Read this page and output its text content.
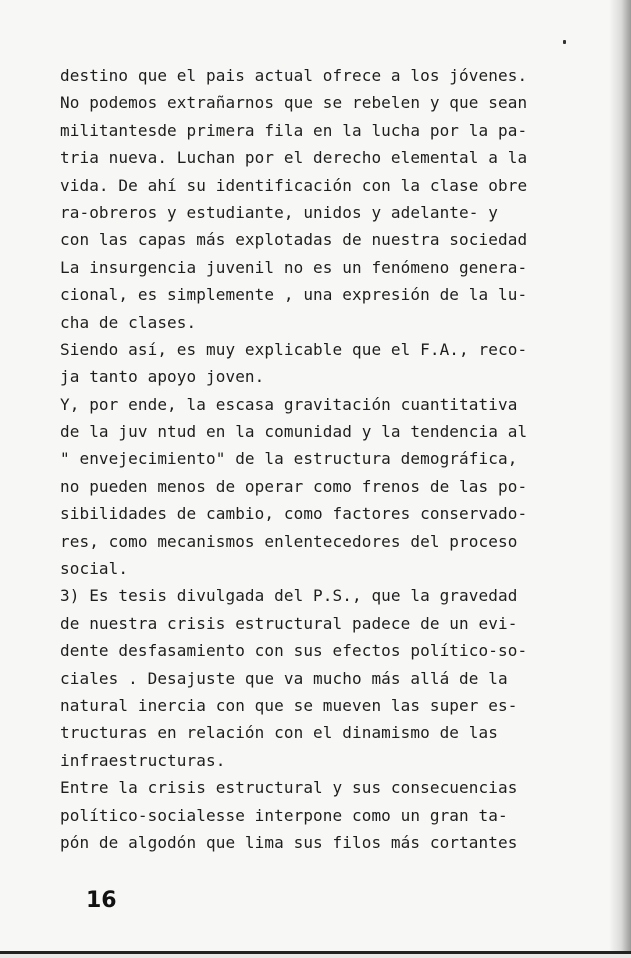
destino que el pais actual ofrece a los jóvenes.
No podemos extrañarnos que se rebelen y que sean
militantesde primera fila en la lucha por la pa-
tria nueva. Luchan por el derecho elemental a la
vida. De ahí su identificación con la clase obre
ra-obreros y estudiante, unidos y adelante- y
con las capas más explotadas de nuestra sociedad
La insurgencia juvenil no es un fenómeno genera-
cional, es simplemente , una expresión de la lu-
cha de clases.
Siendo así, es muy explicable que el F.A., reco-
ja tanto apoyo joven.
Y, por ende, la escasa gravitación cuantitativa
de la juv ntud en la comunidad y la tendencia al
" envejecimiento" de la estructura demográfica,
no pueden menos de operar como frenos de las po-
sibilidades de cambio, como factores conservado-
res, como mecanismos enlentecedores del proceso
social.
3) Es tesis divulgada del P.S., que la gravedad
de nuestra crisis estructural padece de un evi-
dente desfasamiento con sus efectos político-so-
ciales . Desajuste que va mucho más allá de la
natural inercia con que se mueven las super es-
tructuras en relación con el dinamismo de las
infraestructuras.
Entre la crisis estructural y sus consecuencias
político-socialesse interpone como un gran ta-
pón de algodón que lima sus filos más cortantes
16
